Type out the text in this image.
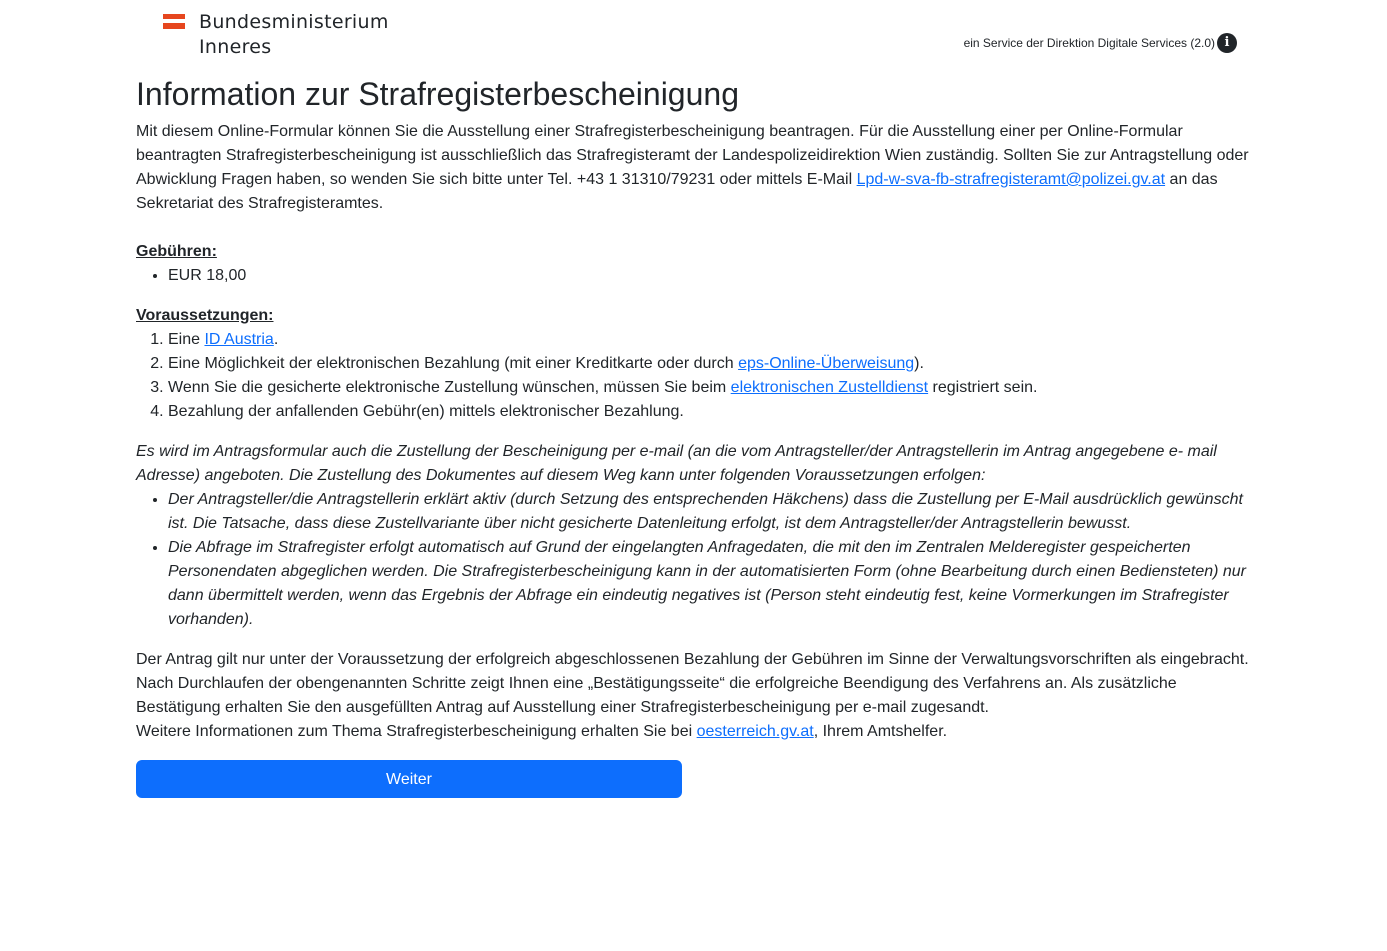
Bundesministerium
Inneres	ein Service der Direktion Digitale Services (2.0) i
Information zur Strafregisterbescheinigung

Mit diesem Online-Formular können Sie die Ausstellung einer Strafregisterbescheinigung beantragen. Für die Ausstellung einer per Online-Formular beantragten Strafregisterbescheinigung ist ausschließlich das Strafregisteramt der Landespolizeidirektion Wien zuständig. Sollten Sie zur Antragstellung oder Abwicklung Fragen haben, so wenden Sie sich bitte unter Tel. +43 1 31310/79231 oder mittels E-Mail Lpd-w-sva-fb-strafregisteramt@polizei.gv.at an das Sekretariat des Strafregisteramtes.

Gebühren:
• EUR 18,00
Voraussetzungen:
1. Eine ID Austria.
2. Eine Möglichkeit der elektronischen Bezahlung (mit einer Kreditkarte oder durch eps-Online-Überweisung).
3. Wenn Sie die gesicherte elektronische Zustellung wünschen, müssen Sie beim elektronischen Zustelldienst registriert sein.
4. Bezahlung der anfallenden Gebühr(en) mittels elektronischer Bezahlung.

Es wird im Antragsformular auch die Zustellung der Bescheinigung per e-mail (an die vom Antragsteller/der Antragstellerin im Antrag angegebene e- mail Adresse) angeboten. Die Zustellung des Dokumentes auf diesem Weg kann unter folgenden Voraussetzungen erfolgen:

• Der Antragsteller/die Antragstellerin erklärt aktiv (durch Setzung des entsprechenden Häkchens) dass die Zustellung per E-Mail ausdrücklich gewünscht ist. Die Tatsache, dass diese Zustellvariante über nicht gesicherte Datenleitung erfolgt, ist dem Antragsteller/der Antragstellerin bewusst.
• Die Abfrage im Strafregister erfolgt automatisch auf Grund der eingelangten Anfragedaten, die mit den im Zentralen Melderegister gespeicherten Personendaten abgeglichen werden. Die Strafregisterbescheinigung kann in der automatisierten Form (ohne Bearbeitung durch einen Bediensteten) nur dann übermittelt werden, wenn das Ergebnis der Abfrage ein eindeutig negatives ist (Person steht eindeutig fest, keine Vormerkungen im Strafregister vorhanden).
Der Antrag gilt nur unter der Voraussetzung der erfolgreich abgeschlossenen Bezahlung der Gebühren im Sinne der Verwaltungsvorschriften als eingebracht.
Nach Durchlaufen der obengenannten Schritte zeigt Ihnen eine „Bestätigungsseite“ die erfolgreiche Beendigung des Verfahrens an. Als zusätzliche Bestätigung erhalten Sie den ausgefüllten Antrag auf Ausstellung einer Strafregisterbescheinigung per e-mail zugesandt.
Weitere Informationen zum Thema Strafregisterbescheinigung erhalten Sie bei oesterreich.gv.at, Ihrem Amtshelfer.
Weiter
